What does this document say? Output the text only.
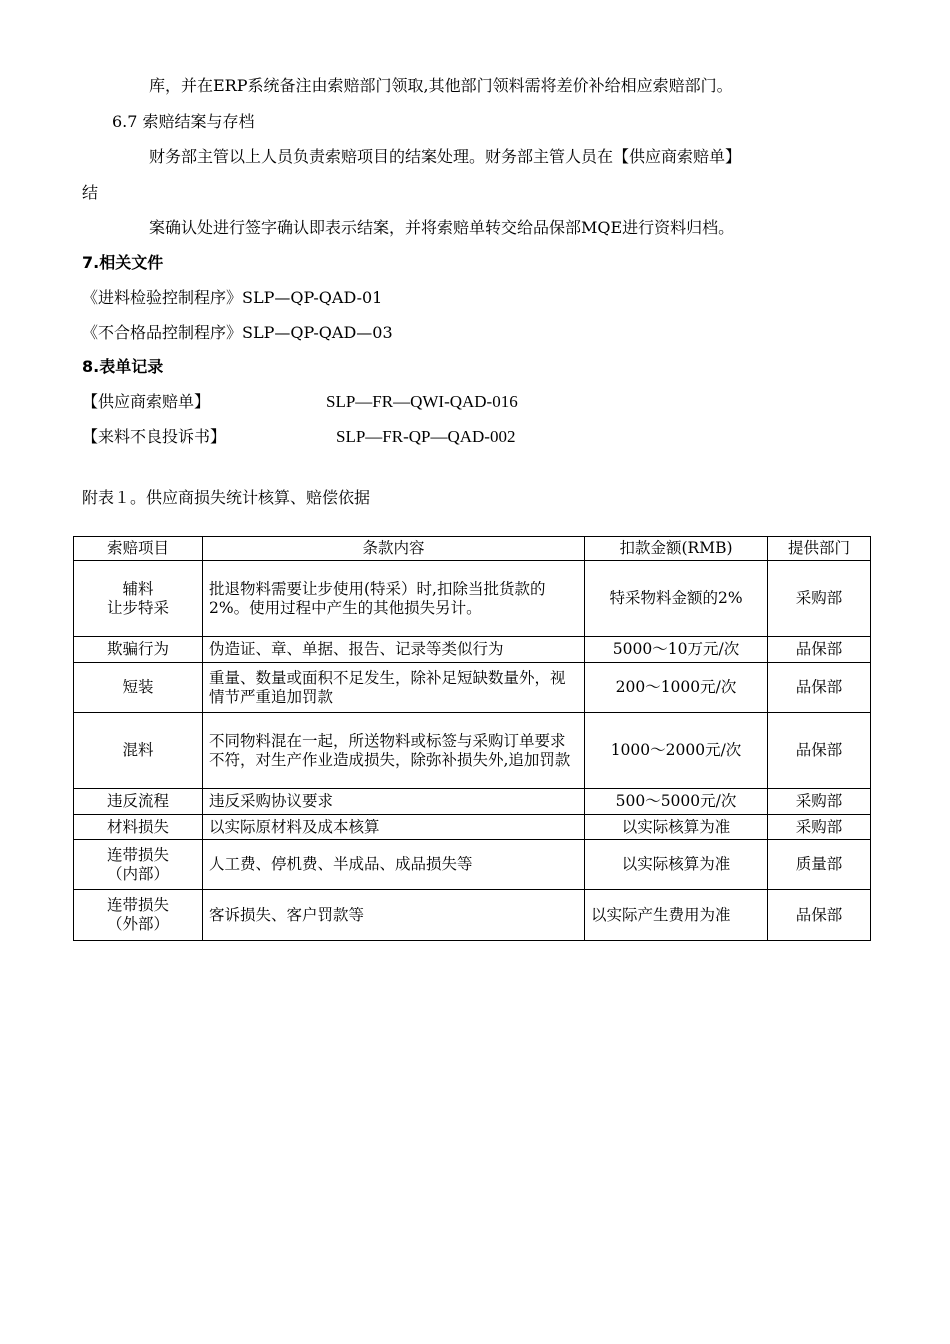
库，并在ERP系统备注由索赔部门领取,其他部门领料需将差价补给相应索赔部门。
6.7 索赔结案与存档
财务部主管以上人员负责索赔项目的结案处理。财务部主管人员在【供应商索赔单】
结
案确认处进行签字确认即表示结案，并将索赔单转交给品保部MQE进行资料归档。
7.相关文件
《进料检验控制程序》SLP—QP-QAD-01
《不合格品控制程序》SLP—QP-QAD—03
8.表单记录
【供应商索赔单】	SLP—FR—QWI-QAD-016
【来料不良投诉书】	SLP—FR-QP—QAD-002
附表１。供应商损失统计核算、赔偿依据
索赔项目	条款内容	扣款金额(RMB)	提供部门
辅料
让步特采	批退物料需要让步使用(特采）时,扣除当批货款的2%。使用过程中产生的其他损失另计。	特采物料金额的2%	采购部
欺骗行为	伪造证、章、单据、报告、记录等类似行为	5000～10万元/次	品保部
短装	重量、数量或面积不足发生，除补足短缺数量外，视情节严重追加罚款	200～1000元/次	品保部
混料	不同物料混在一起，所送物料或标签与采购订单要求不符，对生产作业造成损失，除弥补损失外,追加罚款	1000～2000元/次	品保部
违反流程	违反采购协议要求	500～5000元/次	采购部
材料损失	以实际原材料及成本核算	以实际核算为准	采购部
连带损失
（内部）	人工费、停机费、半成品、成品损失等	以实际核算为准	质量部
连带损失
（外部）	客诉损失、客户罚款等	以实际产生费用为准	品保部
